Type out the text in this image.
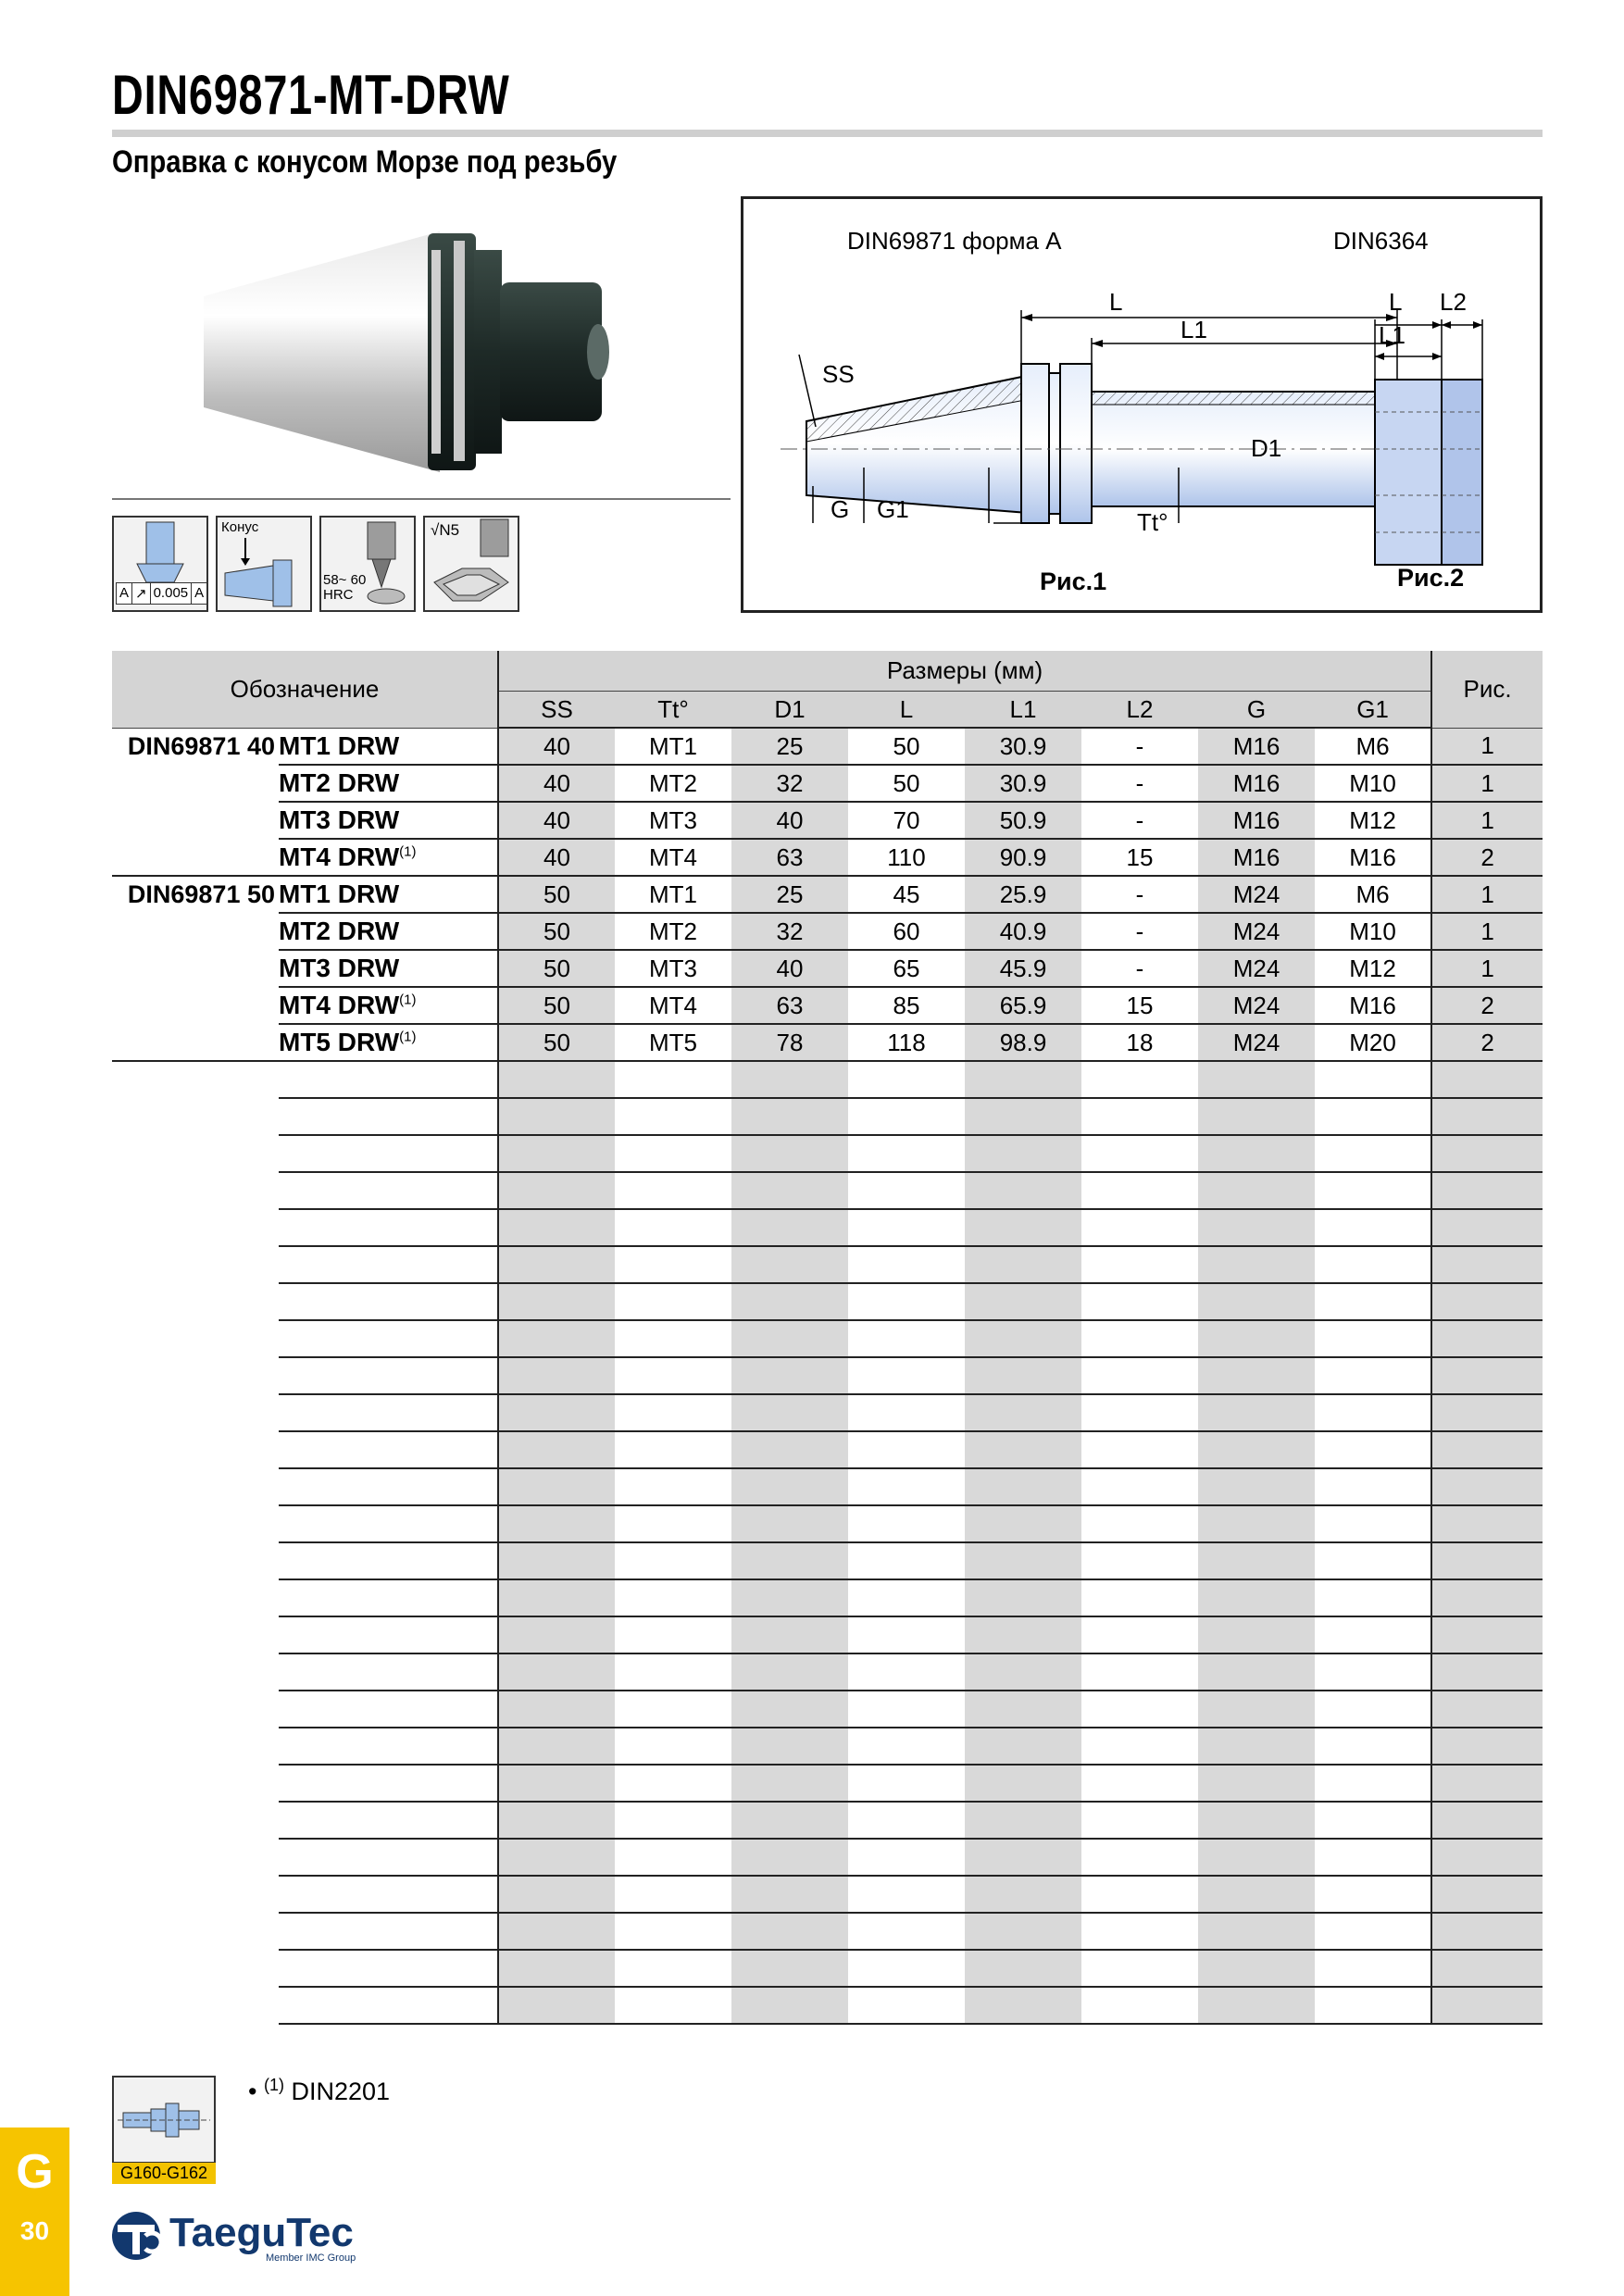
DIN69871-MT-DRW
Оправка с конусом Морзе под резьбу
A ↗ 0.005 A
Конус
58~ 60 HRC
√N5
DIN69871 форма A	DIN6364
L
L1
SS
D1
G G1	Tt°
L L2
L1
Рис.1	Рис.2
Обозначение		Размеры (мм)								Рис.
		SS	Tt°	D1	L	L1	L2	G	G1	
DIN69871 40	MT1 DRW	40	MT1	25	50	30.9	-	M16	M6	1
	MT2 DRW	40	MT2	32	50	30.9	-	M16	M10	1
	MT3 DRW	40	MT3	40	70	50.9	-	M16	M12	1
	MT4 DRW$^{(1)}$	40	MT4	63	110	90.9	15	M16	M16	2
DIN69871 50	MT1 DRW	50	MT1	25	45	25.9	-	M24	M6	1
	MT2 DRW	50	MT2	32	60	40.9	-	M24	M10	1
	MT3 DRW	50	MT3	40	65	45.9	-	M24	M12	1
	MT4 DRW$^{(1)}$	50	MT4	63	85	65.9	15	M24	M16	2
	MT5 DRW$^{(1)}$	50	MT5	78	118	98.9	18	M24	M20	2

G160-G162
• $^{(1)}$ DIN2201
G
30	TaeguTec
Member IMC Group
